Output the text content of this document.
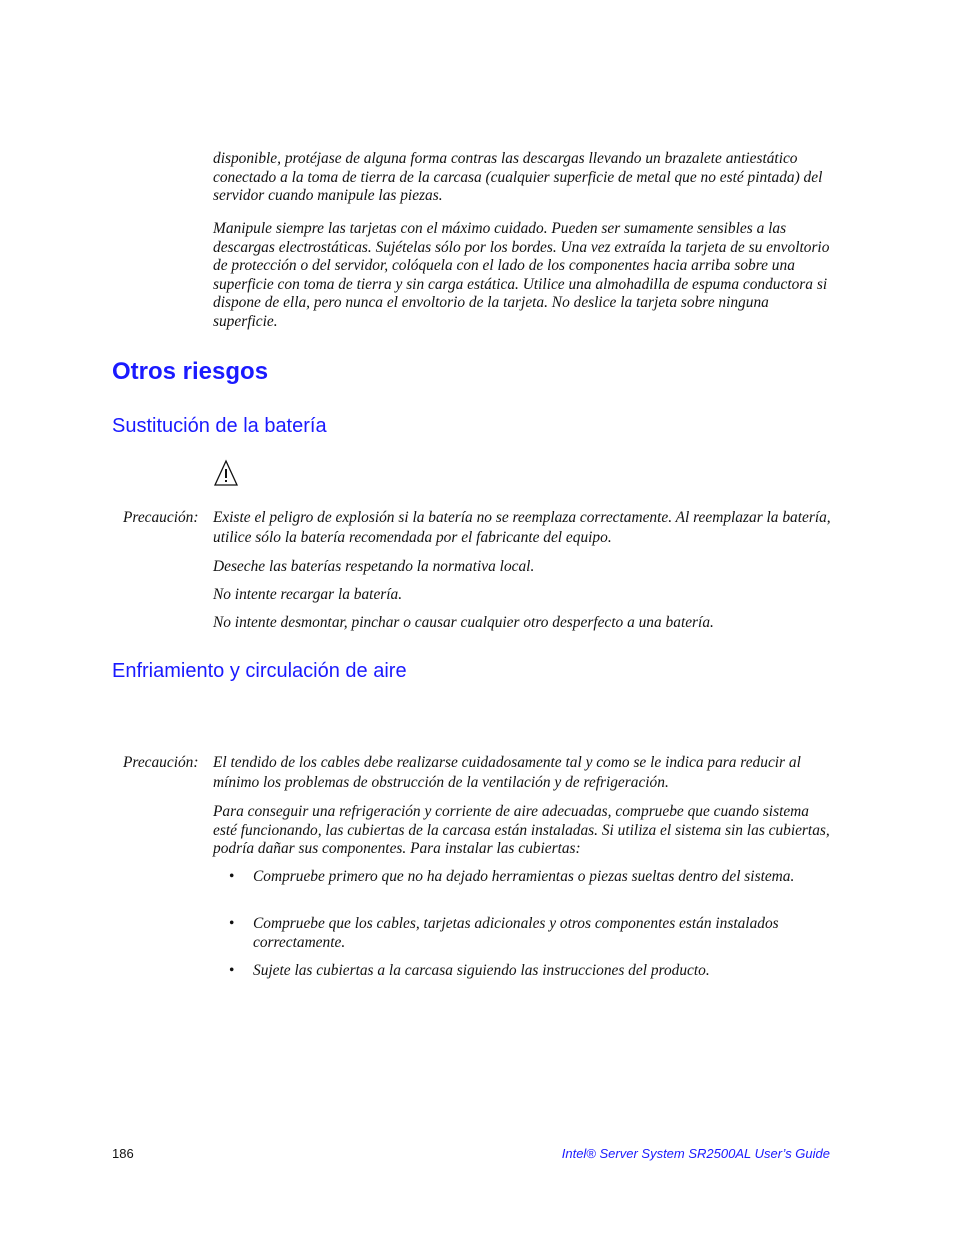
disponible, protéjase de alguna forma contras las descargas llevando un brazalete antiestático conectado a la toma de tierra de la carcasa (cualquier superficie de metal que no esté pintada) del servidor cuando manipule las piezas.

Manipule siempre las tarjetas con el máximo cuidado. Pueden ser sumamente sensibles a las descargas electrostáticas. Sujételas sólo por los bordes. Una vez extraída la tarjeta de su envoltorio de protección o del servidor, colóquela con el lado de los componentes hacia arriba sobre una superficie con toma de tierra y sin carga estática. Utilice una almohadilla de espuma conductora si dispone de ella, pero nunca el envoltorio de la tarjeta. No deslice la tarjeta sobre ninguna superficie.

Otros riesgos
Sustitución de la batería

Precaución: Existe el peligro de explosión si la batería no se reemplaza correctamente. Al reemplazar la batería, utilice sólo la batería recomendada por el fabricante del equipo.

Deseche las baterías respetando la normativa local.

No intente recargar la batería.

No intente desmontar, pinchar o causar cualquier otro desperfecto a una batería.

Enfriamiento y circulación de aire

Precaución: El tendido de los cables debe realizarse cuidadosamente tal y como se le indica para reducir al mínimo los problemas de obstrucción de la ventilación y de refrigeración.

Para conseguir una refrigeración y corriente de aire adecuadas, compruebe que cuando sistema esté funcionando, las cubiertas de la carcasa están instaladas. Si utiliza el sistema sin las cubiertas, podría dañar sus componentes. Para instalar las cubiertas:

• Compruebe primero que no ha dejado herramientas o piezas sueltas dentro del sistema.
• Compruebe que los cables, tarjetas adicionales y otros componentes están instalados correctamente.
• Sujete las cubiertas a la carcasa siguiendo las instrucciones del producto.
186	Intel® Server System SR2500AL User’s Guide
